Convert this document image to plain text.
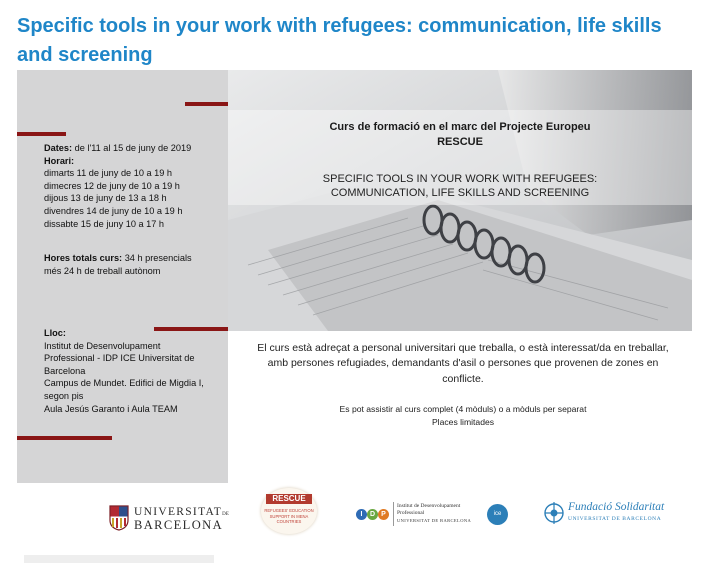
Specific tools in your work with refugees: communication, life skills and screening
Dates: de l'11 al 15 de juny de 2019
Horari:
dimarts 11 de juny de 10 a 19 h
dimecres 12 de juny de 10 a 19 h
dijous 13 de juny de 13 a 18 h
divendres 14 de juny de 10 a 19 h
dissabte 15 de juny 10 a 17 h
Hores totals curs: 34 h presencials
més 24 h de treball autònom
Lloc:
Institut de Desenvolupament
Professional - IDP ICE Universitat de
Barcelona
Campus de Mundet. Edifici de Migdia I,
segon pis
Aula Jesús Garanto i Aula TEAM
Curs de formació en el marc del Projecte Europeu
RESCUE
SPECIFIC TOOLS IN YOUR WORK WITH REFUGEES:
COMMUNICATION, LIFE SKILLS AND SCREENING
El curs està adreçat a personal universitari que treballa, o està interessat/da en treballar, amb persones refugiades, demandants d'asil o persones que provenen de zones en conflicte.
Es pot assistir al curs complet (4 mòduls) o a mòduls per separat
Places limitades
UNIVERSITATDE
BARCELONA
RESCUE
REFUGEES' EDUCATION
SUPPORT IN MENA COUNTRIES
I	D P
Institut de Desenvolupament
Professional
UNIVERSITAT DE BARCELONA
ice
Fundació Solidaritat
UNIVERSITAT DE BARCELONA
